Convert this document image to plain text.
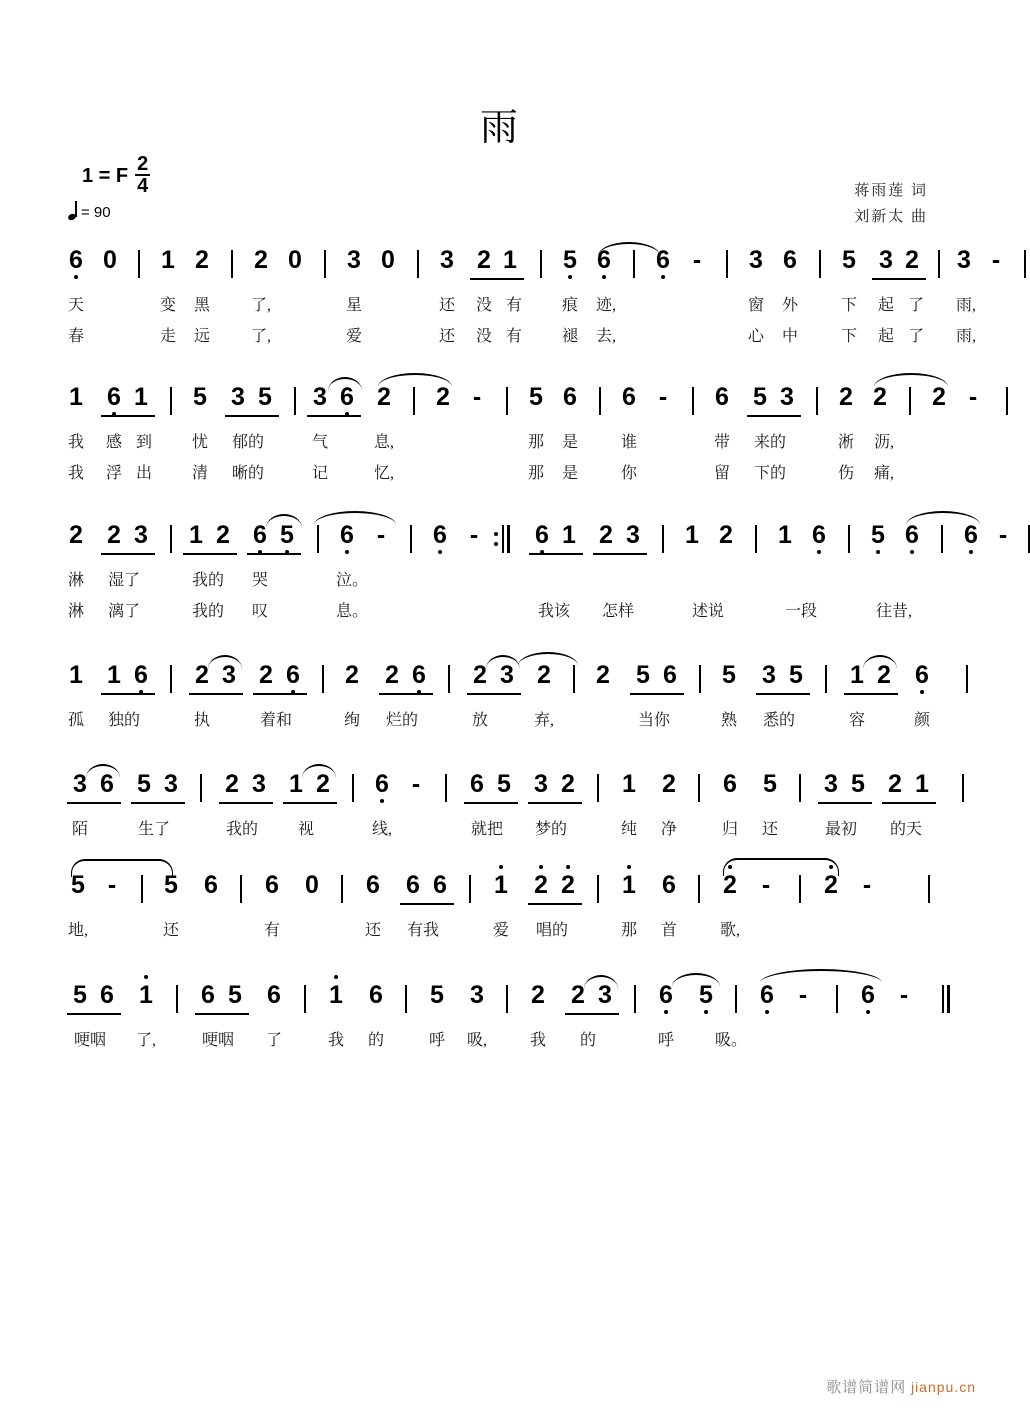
雨
1 = F $\frac{2}{4}$
= 90
蒋雨莲 词
刘新太 曲
6 0 1 2 2 0 3 0 3 2 1 5 6 6 - 3 6 5 3 2 3 -
天	变 黑	了,	星	还 没 有 痕 迹,	窗 外	下 起 了 雨,
春	走 远	了,	爱	还 没 有 褪 去,	心 中	下 起 了 雨,
1 6 1 5 3 5 3 6 2 2 - 5 6 6 - 6 5 3 2 2 2 -
我 感 到 忧 郁的	气	息,	那 是	谁	带 来的	淅 沥,
我 浮 出 清 晰的	记	忆,	那 是	你	留 下的	伤 痛,
2 2 3 1 2 6 5 6 - 6 - 6 1 2 3 1 2 1 6 5 6 6 -
淋 湿了	我的 哭	泣。
淋 漓了	我的 叹	息。	我该 怎样	述说	一段	往昔,
1 1 6 2 3 2 6 2 2 6 2 3 2 2 5 6 5 3 5 1 2 6
孤 独的	执	着和	绚 烂的	放	弃,	当你	熟 悉的	容	颜
3 6 5 3 2 3 1 2 6 - 6 5 3 2 1 2 6 5 3 5 2 1
陌	生了	我的 视	线,	就把 梦的	纯 净	归 还	最初 的天
5 - 5 6 6 0 6 6 6 1 2 2 1 6 2 - 2 -
地,	还	有	还 有我	爱 唱的	那 首	歌,
5 6 1 6 5 6 1 6 5 3 2 2 3 6 5 6 - 6 -
哽咽 了,	哽咽 了	我 的	呼 吸,	我 的	呼	吸。
歌谱简谱网 jianpu.cn
